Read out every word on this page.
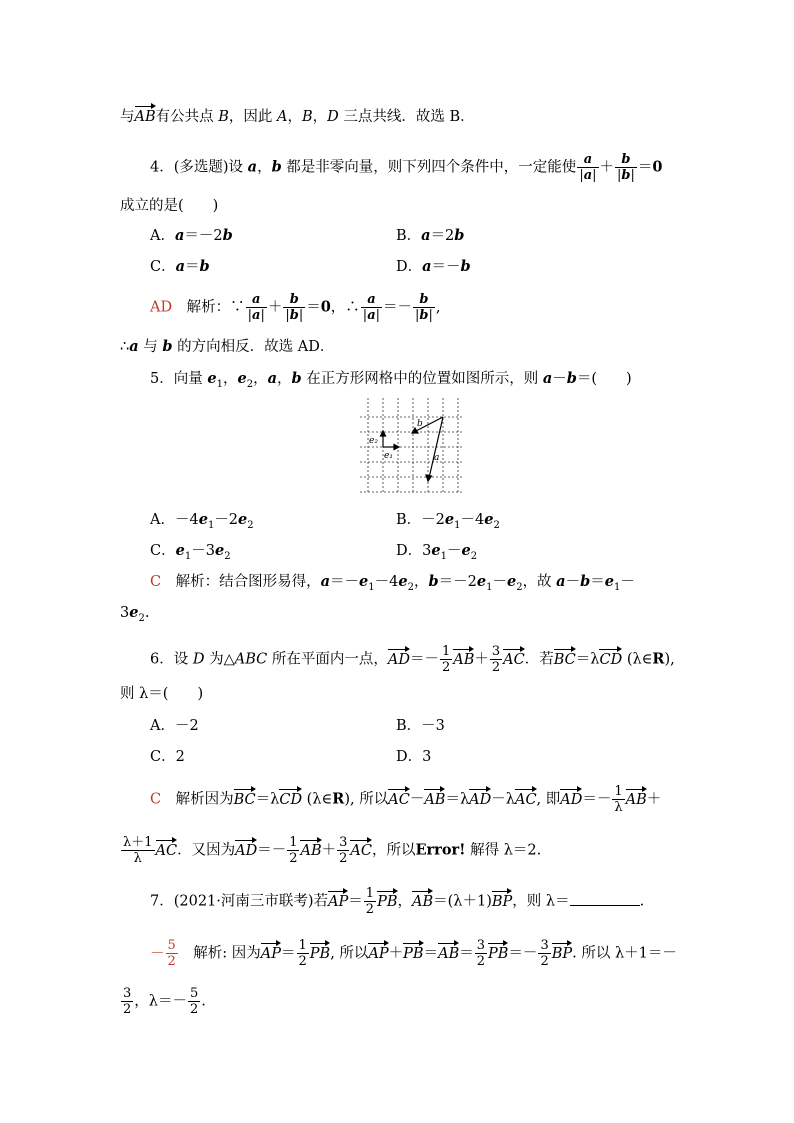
与AB有公共点 B，因此 A，B，D 三点共线．故选 B．
4．(多选题)设 a，b 都是非零向量，则下列四个条件中，一定能使 $\frac{a}{|a|} + \frac{b}{|b|} =0$
成立的是(　　)
A．a＝－2b	B．a＝2b
C．a＝b	D．a＝－b
AD　 解析：∵ $\frac{a}{|a|} + \frac{b}{|b|} =0$，∴ $\frac{a}{|a|} =- \frac{b}{|b|}$ ,
∴a 与 b 的方向相反．故选 AD．
5．向量 $e_1$，$e_2$，a，b 在正方形网格中的位置如图所示，则 a－b＝(　　)
b
a
e₂
e₁
A．$-4e_1-2e_2$	B．$-2e_1-4e_2$
C．$e_1-3e_2$	D．$3e_1-e_2$
C　解析：结合图形易得，$a=-e_1-4e_2$，$b=-2e_1-e_2$，故 $a-b=e_1-$
$3e_2$.
6．设 D 为△ABC 所在平面内一点，$AD=- \frac{1}{2} AB+ \frac{3}{2}$ AC．若BC＝λCD (λ∈R),
则 λ＝(　　)
A．－2	B．－3
C．2	D．3
C　 解析因为BC＝λCD (λ∈R), 所以AC－AB＝λAD－λAC, 即$AD=- \frac{1}{\lambda} AB+$
$\frac{\lambda+1}{\lambda}$ AC．又因为$AD=- \frac{1}{2} AB+ \frac{3}{2}$ AC，所以Error! 解得 λ＝2.
7．(2021·河南三市联考)若$AP= \frac{1}{2}$ PB，AB＝(λ＋1)BP，则 λ＝	.
－ $\frac{5}{2}$
　 解析: 因为$AP= \frac{1}{2}$ PB, 所以$AP+PB=AB= \frac{3}{2} PB=- \frac{3}{2}$ BP. 所以 λ＋1＝－
$\frac{3}{2}$ ，$\lambda=- \frac{5}{2}$ .
